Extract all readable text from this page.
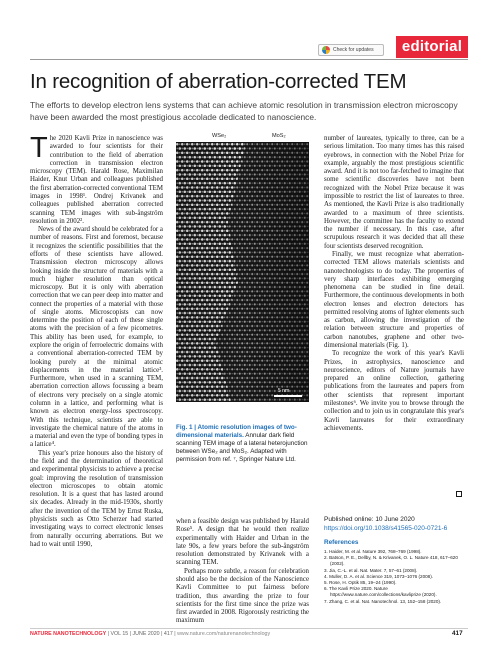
Check for updates	editorial
In recognition of aberration-corrected TEM

The efforts to develop electron lens systems that can achieve atomic resolution in transmission electron microscopy have been awarded the most prestigious accolade dedicated to nanoscience.

The 2020 Kavli Prize in nanoscience was awarded to four scientists for their contribution to the field of aberration correction in transmission electron microscopy (TEM). Harald Rose, Maximilan Haider, Knut Urban and colleagues published the first aberration-corrected conventional TEM images in 1998¹. Ondrej Krivanek and colleagues published aberration corrected scanning TEM images with sub-ångström resolution in 2002².

News of the award should be celebrated for a number of reasons. First and foremost, because it recognizes the scientific possibilities that the efforts of these scientists have allowed. Transmission electron microscopy allows looking inside the structure of materials with a much higher resolution than optical microscopy. But it is only with aberration correction that we can peer deep into matter and connect the properties of a material with those of single atoms. Microscopists can now determine the position of each of these single atoms with the precision of a few picometres. This ability has been used, for example, to explore the origin of ferroelectric domains with a conventional aberration-corrected TEM by looking purely at the minimal atomic displacements in the material lattice³. Furthermore, when used in a scanning TEM, aberration correction allows focussing a beam of electrons very precisely on a single atomic column in a lattice, and performing what is known as electron energy-loss spectroscopy. With this technique, scientists are able to investigate the chemical nature of the atoms in a material and even the type of bonding types in a lattice⁴.

This year's prize honours also the history of the field and the determination of theoretical and experimental physicists to achieve a precise goal: improving the resolution of transmission electron microscopes to obtain atomic resolution. It is a quest that has lasted around six decades. Already in the mid-1930s, shortly after the invention of the TEM by Ernst Ruska, physicists such as Otto Scherzer had started investigating ways to correct electronic lenses from naturally occurring aberrations. But we had to wait until 1990,

WSe₂	MoS₂
5 nm

Fig. 1 | Atomic resolution images of two-dimensional materials. Annular dark field scanning TEM image of a lateral heterojunction between WSe₂ and MoS₂. Adapted with permission from ref. ⁷, Springer Nature Ltd.

when a feasible design was published by Harald Rose⁵. A design that he would then realize experimentally with Haider and Urban in the late 90s, a few years before the sub-ångström resolution demonstrated by Krivanek with a scanning TEM.

Perhaps more subtle, a reason for celebration should also be the decision of the Nanoscience Kavli Committee to put fairness before tradition, thus awarding the prize to four scientists for the first time since the prize was first awarded in 2008. Rigorously restricting the maximum

number of laureates, typically to three, can be a serious limitation. Too many times has this raised eyebrows, in connection with the Nobel Prize for example, arguably the most prestigious scientific award. And it is not too far-fetched to imagine that some scientific discoveries have not been recognized with the Nobel Prize because it was impossible to restrict the list of laureates to three. As mentioned, the Kavli Prize is also traditionally awarded to a maximum of three scientists. However, the committee has the faculty to extend the number if necessary. In this case, after scrupulous research it was decided that all these four scientists deserved recognition.

Finally, we must recognize what aberration-corrected TEM allows materials scientists and nanotechnologists to do today. The properties of very sharp interfaces exhibiting emerging phenomena can be studied in fine detail. Furthermore, the continuous developments in both electron lenses and electron detectors has permitted resolving atoms of lighter elements such as carbon, allowing the investigation of the relation between structure and properties of carbon nanotubes, graphene and other two-dimensional materials (Fig. 1).

To recognize the work of this year's Kavli Prizes, in astrophysics, nanoscience and neuroscience, editors of Nature journals have prepared an online collection, gathering publications from the laureates and papers from other scientists that represent important milestones⁶. We invite you to browse through the collection and to join us in congratulate this year's Kavli laureates for their extraordinary achievements.

Published online: 10 June 2020
https://doi.org/10.1038/s41565-020-0721-6
References
1. Haider, M. et al. Nature 392, 768–769 (1998).
2. Batson, P. E., Dellby, N. & Krivanek, O. L. Nature 418, 617–620 (2002).
3. Jia, C.-L. et al. Nat. Mater. 7, 57–61 (2008).
4. Muller, D. A. et al. Science 319, 1073–1076 (2008).
5. Rose, H. Optik 85, 19–24 (1990).
6. The Kavli Prize 2020. Nature https://www.nature.com/collections/kavliprize (2020).
7. Zhang, C. et al. Nat. Nanotechnol. 13, 152–158 (2020).
NATURE NANOTECHNOLOGY | VOL 15 | JUNE 2020 | 417 | www.nature.com/naturenanotechnology	417
